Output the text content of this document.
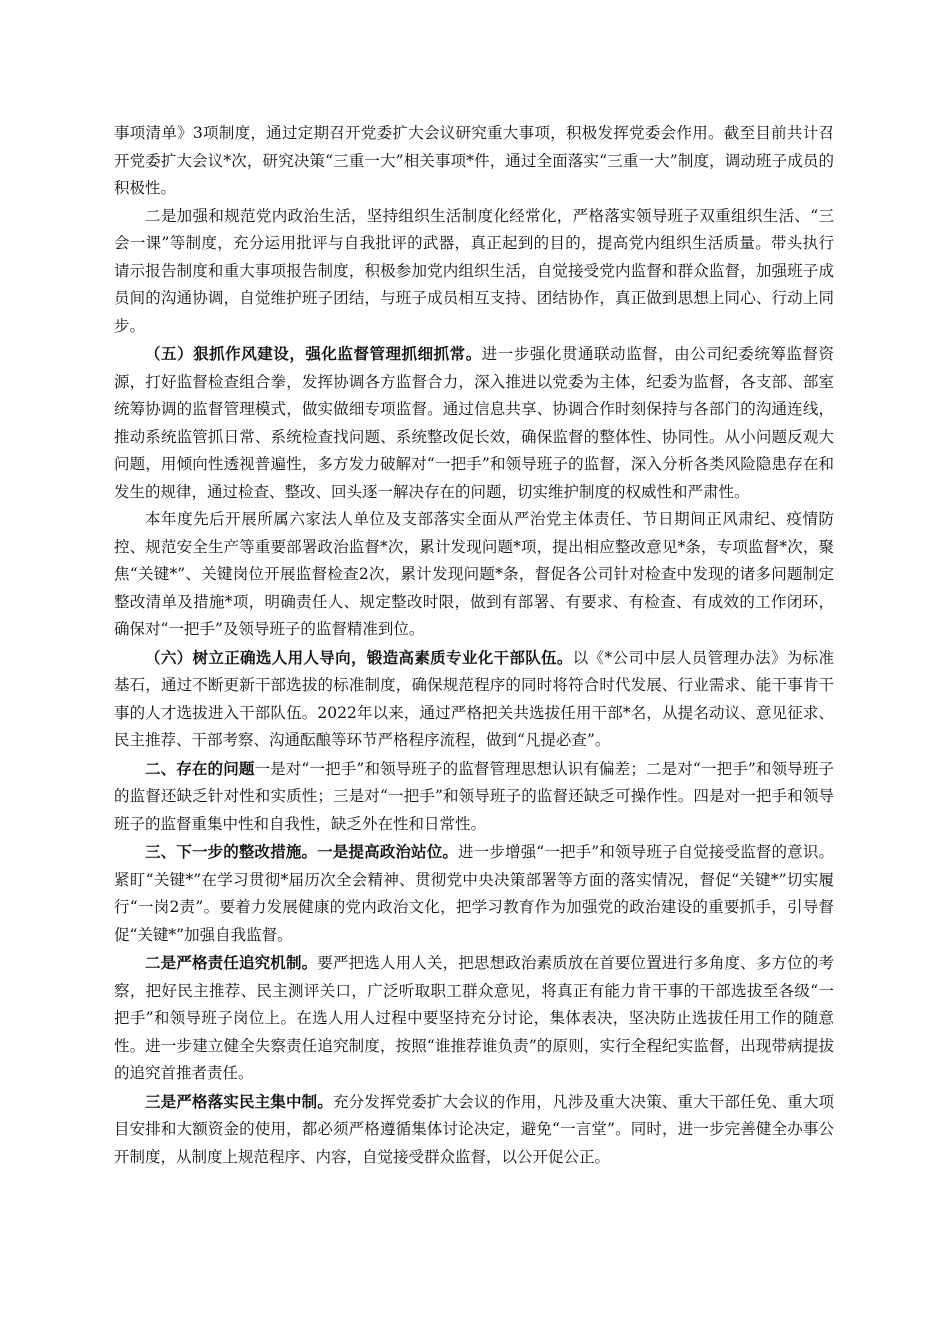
事项清单》3项制度，通过定期召开党委扩大会议研究重大事项，积极发挥党委会作用。截至目前共计召开党委扩大会议*次，研究决策“三重一大”相关事项*件，通过全面落实“三重一大”制度，调动班子成员的积极性。

二是加强和规范党内政治生活，坚持组织生活制度化经常化，严格落实领导班子双重组织生活、“三会一课”等制度，充分运用批评与自我批评的武器，真正起到的目的，提高党内组织生活质量。带头执行请示报告制度和重大事项报告制度，积极参加党内组织生活，自觉接受党内监督和群众监督，加强班子成员间的沟通协调，自觉维护班子团结，与班子成员相互支持、团结协作，真正做到思想上同心、行动上同步。

（五）狠抓作风建设，强化监督管理抓细抓常。进一步强化贯通联动监督，由公司纪委统筹监督资源，打好监督检查组合拳，发挥协调各方监督合力，深入推进以党委为主体，纪委为监督，各支部、部室统筹协调的监督管理模式，做实做细专项监督。通过信息共享、协调合作时刻保持与各部门的沟通连线，推动系统监管抓日常、系统检查找问题、系统整改促长效，确保监督的整体性、协同性。从小问题反观大问题，用倾向性透视普遍性，多方发力破解对“一把手”和领导班子的监督，深入分析各类风险隐患存在和发生的规律，通过检查、整改、回头逐一解决存在的问题，切实维护制度的权威性和严肃性。

本年度先后开展所属六家法人单位及支部落实全面从严治党主体责任、节日期间正风肃纪、疫情防控、规范安全生产等重要部署政治监督*次，累计发现问题*项，提出相应整改意见*条，专项监督*次，聚焦“关键*”、关键岗位开展监督检查2次，累计发现问题*条，督促各公司针对检查中发现的诸多问题制定整改清单及措施*项，明确责任人、规定整改时限，做到有部署、有要求、有检查、有成效的工作闭环，确保对“一把手”及领导班子的监督精准到位。

（六）树立正确选人用人导向，锻造高素质专业化干部队伍。以《*公司中层人员管理办法》为标准基石，通过不断更新干部选拔的标准制度，确保规范程序的同时将符合时代发展、行业需求、能干事肯干事的人才选拔进入干部队伍。2022年以来，通过严格把关共选拔任用干部*名，从提名动议、意见征求、民主推荐、干部考察、沟通酝酿等环节严格程序流程，做到“凡提必查”。

二、存在的问题一是对“一把手”和领导班子的监督管理思想认识有偏差；二是对“一把手”和领导班子的监督还缺乏针对性和实质性；三是对“一把手”和领导班子的监督还缺乏可操作性。四是对一把手和领导班子的监督重集中性和自我性，缺乏外在性和日常性。

三、下一步的整改措施。一是提高政治站位。进一步增强“一把手”和领导班子自觉接受监督的意识。紧盯“关键*”在学习贯彻*届历次全会精神、贯彻党中央决策部署等方面的落实情况，督促“关键*”切实履行“一岗2责”。要着力发展健康的党内政治文化，把学习教育作为加强党的政治建设的重要抓手，引导督促“关键*”加强自我监督。

二是严格责任追究机制。要严把选人用人关，把思想政治素质放在首要位置进行多角度、多方位的考察，把好民主推荐、民主测评关口，广泛听取职工群众意见，将真正有能力肯干事的干部选拔至各级“一把手”和领导班子岗位上。在选人用人过程中要坚持充分讨论，集体表决，坚决防止选拔任用工作的随意性。进一步建立健全失察责任追究制度，按照“谁推荐谁负责”的原则，实行全程纪实监督，出现带病提拔的追究首推者责任。

三是严格落实民主集中制。充分发挥党委扩大会议的作用，凡涉及重大决策、重大干部任免、重大项目安排和大额资金的使用，都必须严格遵循集体讨论决定，避免“一言堂”。同时，进一步完善健全办事公开制度，从制度上规范程序、内容，自觉接受群众监督，以公开促公正。
